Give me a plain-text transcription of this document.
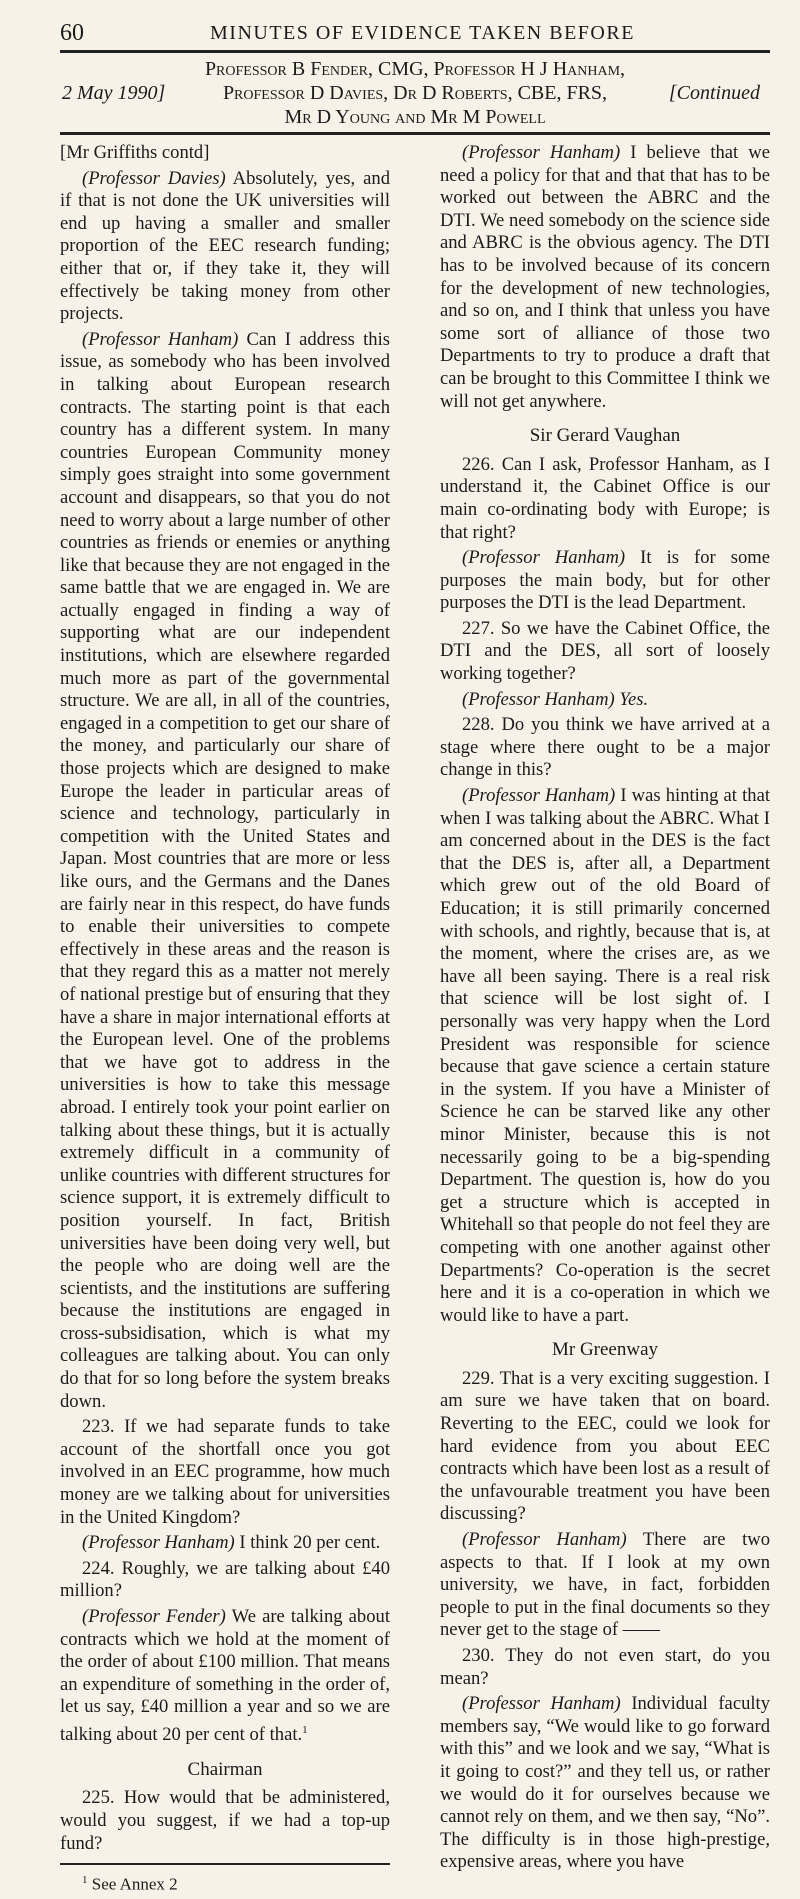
60	MINUTES OF EVIDENCE TAKEN BEFORE
Professor B Fender, CMG, Professor H J Hanham,
2 May 1990]	Professor D Davies, Dr D Roberts, CBE, FRS,	[Continued
Mr D Young and Mr M Powell

[Mr Griffiths contd]

(Professor Davies) Absolutely, yes, and if that is not done the UK universities will end up having a smaller and smaller proportion of the EEC research funding; either that or, if they take it, they will effectively be taking money from other projects.

(Professor Hanham) Can I address this issue, as somebody who has been involved in talking about European research contracts. The starting point is that each country has a different system. In many countries European Community money simply goes straight into some government account and disappears, so that you do not need to worry about a large number of other countries as friends or enemies or anything like that because they are not engaged in the same battle that we are engaged in. We are actually engaged in finding a way of supporting what are our independent institutions, which are elsewhere regarded much more as part of the governmental structure. We are all, in all of the countries, engaged in a competition to get our share of the money, and particularly our share of those projects which are designed to make Europe the leader in particular areas of science and technology, particularly in competition with the United States and Japan. Most countries that are more or less like ours, and the Germans and the Danes are fairly near in this respect, do have funds to enable their universities to compete effectively in these areas and the reason is that they regard this as a matter not merely of national prestige but of ensuring that they have a share in major international efforts at the European level. One of the problems that we have got to address in the universities is how to take this message abroad. I entirely took your point earlier on talking about these things, but it is actually extremely difficult in a community of unlike countries with different structures for science support, it is extremely difficult to position yourself. In fact, British universities have been doing very well, but the people who are doing well are the scientists, and the institutions are suffering because the institutions are engaged in cross-subsidisation, which is what my colleagues are talking about. You can only do that for so long before the system breaks down.

223. If we had separate funds to take account of the shortfall once you got involved in an EEC programme, how much money are we talking about for universities in the United Kingdom?

(Professor Hanham) I think 20 per cent.

224. Roughly, we are talking about £40 million?

(Professor Fender) We are talking about contracts which we hold at the moment of the order of about £100 million. That means an expenditure of something in the order of, let us say, £40 million a year and so we are talking about 20 per cent of that.$^1$

Chairman

225. How would that be administered, would you suggest, if we had a top-up fund?

$^1$ See Annex 2

(Professor Hanham) I believe that we need a policy for that and that that has to be worked out between the ABRC and the DTI. We need somebody on the science side and ABRC is the obvious agency. The DTI has to be involved because of its concern for the development of new technologies, and so on, and I think that unless you have some sort of alliance of those two Departments to try to produce a draft that can be brought to this Committee I think we will not get anywhere.

Sir Gerard Vaughan

226. Can I ask, Professor Hanham, as I understand it, the Cabinet Office is our main co-ordinating body with Europe; is that right?

(Professor Hanham) It is for some purposes the main body, but for other purposes the DTI is the lead Department.

227. So we have the Cabinet Office, the DTI and the DES, all sort of loosely working together?

(Professor Hanham) Yes.

228. Do you think we have arrived at a stage where there ought to be a major change in this?

(Professor Hanham) I was hinting at that when I was talking about the ABRC. What I am concerned about in the DES is the fact that the DES is, after all, a Department which grew out of the old Board of Education; it is still primarily concerned with schools, and rightly, because that is, at the moment, where the crises are, as we have all been saying. There is a real risk that science will be lost sight of. I personally was very happy when the Lord President was responsible for science because that gave science a certain stature in the system. If you have a Minister of Science he can be starved like any other minor Minister, because this is not necessarily going to be a big-spending Department. The question is, how do you get a structure which is accepted in Whitehall so that people do not feel they are competing with one another against other Departments? Co-operation is the secret here and it is a co-operation in which we would like to have a part.

Mr Greenway

229. That is a very exciting suggestion. I am sure we have taken that on board. Reverting to the EEC, could we look for hard evidence from you about EEC contracts which have been lost as a result of the unfavourable treatment you have been discussing?

(Professor Hanham) There are two aspects to that. If I look at my own university, we have, in fact, forbidden people to put in the final documents so they never get to the stage of ——

230. They do not even start, do you mean?

(Professor Hanham) Individual faculty members say, “We would like to go forward with this” and we look and we say, “What is it going to cost?” and they tell us, or rather we would do it for ourselves because we cannot rely on them, and we then say, “No”. The difficulty is in those high-prestige, expensive areas, where you have
